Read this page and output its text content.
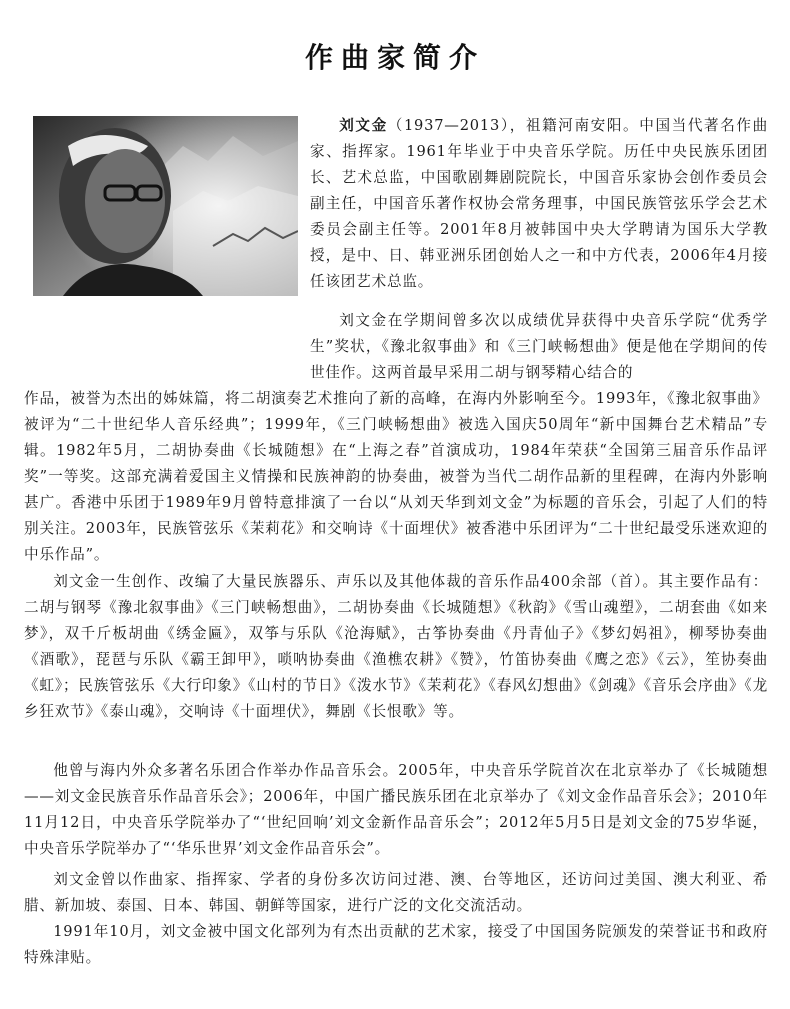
作曲家简介

刘文金（1937—2013），祖籍河南安阳。中国当代著名作曲家、指挥家。1961年毕业于中央音乐学院。历任中央民族乐团团长、艺术总监，中国歌剧舞剧院院长，中国音乐家协会创作委员会副主任，中国音乐著作权协会常务理事，中国民族管弦乐学会艺术委员会副主任等。2001年8月被韩国中央大学聘请为国乐大学教授，是中、日、韩亚洲乐团创始人之一和中方代表，2006年4月接任该团艺术总监。

刘文金在学期间曾多次以成绩优异获得中央音乐学院“优秀学生”奖状，《豫北叙事曲》和《三门峡畅想曲》便是他在学期间的传世佳作。这两首最早采用二胡与钢琴精心结合的

作品，被誉为杰出的姊妹篇，将二胡演奏艺术推向了新的高峰，在海内外影响至今。1993年，《豫北叙事曲》被评为“二十世纪华人音乐经典”；1999年，《三门峡畅想曲》被选入国庆50周年“新中国舞台艺术精品”专辑。1982年5月，二胡协奏曲《长城随想》在“上海之春”首演成功，1984年荣获“全国第三届音乐作品评奖”一等奖。这部充满着爱国主义情操和民族神韵的协奏曲，被誉为当代二胡作品新的里程碑，在海内外影响甚广。香港中乐团于1989年9月曾特意排演了一台以“从刘天华到刘文金”为标题的音乐会，引起了人们的特别关注。2003年，民族管弦乐《茉莉花》和交响诗《十面埋伏》被香港中乐团评为“二十世纪最受乐迷欢迎的中乐作品”。

刘文金一生创作、改编了大量民族器乐、声乐以及其他体裁的音乐作品400余部（首）。其主要作品有：二胡与钢琴《豫北叙事曲》《三门峡畅想曲》，二胡协奏曲《长城随想》《秋韵》《雪山魂塑》，二胡套曲《如来梦》，双千斤板胡曲《绣金匾》，双筝与乐队《沧海赋》，古筝协奏曲《丹青仙子》《梦幻妈祖》，柳琴协奏曲《酒歌》，琵琶与乐队《霸王卸甲》，唢呐协奏曲《渔樵农耕》《赞》，竹笛协奏曲《鹰之恋》《云》，笙协奏曲《虹》；民族管弦乐《大行印象》《山村的节日》《泼水节》《茉莉花》《春风幻想曲》《剑魂》《音乐会序曲》《龙乡狂欢节》《泰山魂》，交响诗《十面埋伏》，舞剧《长恨歌》等。

他曾与海内外众多著名乐团合作举办作品音乐会。2005年，中央音乐学院首次在北京举办了《长城随想——刘文金民族音乐作品音乐会》；2006年，中国广播民族乐团在北京举办了《刘文金作品音乐会》；2010年11月12日，中央音乐学院举办了“‘世纪回响’刘文金新作品音乐会”；2012年5月5日是刘文金的75岁华诞，中央音乐学院举办了“‘华乐世界’刘文金作品音乐会”。

刘文金曾以作曲家、指挥家、学者的身份多次访问过港、澳、台等地区，还访问过美国、澳大利亚、希腊、新加坡、泰国、日本、韩国、朝鲜等国家，进行广泛的文化交流活动。

1991年10月，刘文金被中国文化部列为有杰出贡献的艺术家，接受了中国国务院颁发的荣誉证书和政府特殊津贴。
